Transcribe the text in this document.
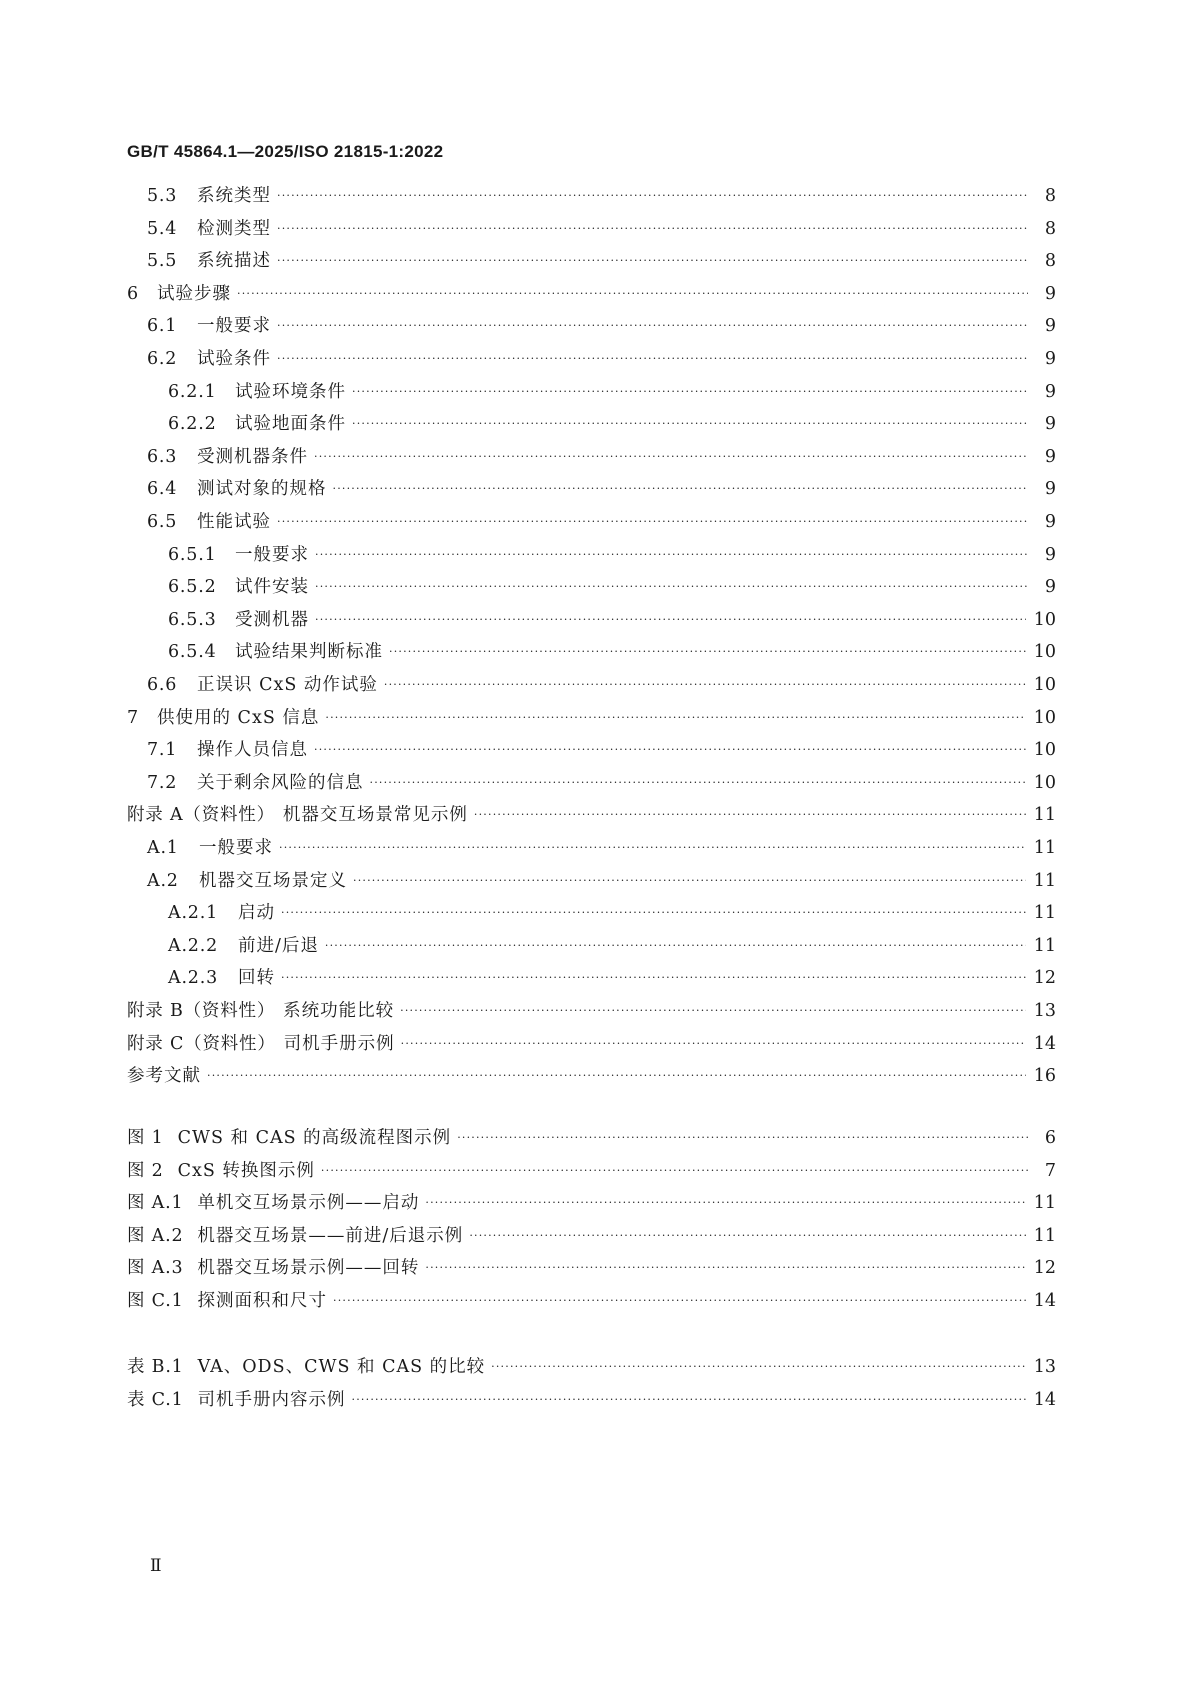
GB/T 45864.1—2025/ISO 21815-1:2022
5.3	系统类型 ·····	8
5.4	检测类型 ·····	8
5.5	系统描述 ·····	8
6	试验步骤 ·····	9
6.1	一般要求 ·····	9
6.2	试验条件 ·····	9
6.2.1	试验环境条件 ·····	9
6.2.2	试验地面条件 ·····	9
6.3	受测机器条件 ·····	9
6.4	测试对象的规格 ·····	9
6.5	性能试验 ·····	9
6.5.1	一般要求 ·····	9
6.5.2	试件安装 ·····	9
6.5.3	受测机器 ·····	10
6.5.4	试验结果判断标准 ·····	10
6.6	正误识 CxS 动作试验 ·····	10
7	供使用的 CxS 信息 ·····	10
7.1	操作人员信息 ·····	10
7.2	关于剩余风险的信息 ·····	10
附录 A（资料性） 机器交互场景常见示例 ·····	11
A.1	一般要求 ·····	11
A.2	机器交互场景定义 ·····	11
A.2.1	启动 ·····	11
A.2.2	前进/后退 ·····	11
A.2.3	回转 ·····	12
附录 B（资料性） 系统功能比较 ·····	13
附录 C（资料性） 司机手册示例 ·····	14
参考文献 ·····	16
图 1 CWS 和 CAS 的高级流程图示例 ·····	6
图 2 CxS 转换图示例 ·····	7
图 A.1 单机交互场景示例——启动 ·····	11
图 A.2 机器交互场景——前进/后退示例 ·····	11
图 A.3 机器交互场景示例——回转 ·····	12
图 C.1 探测面积和尺寸 ·····	14
表 B.1 VA、ODS、CWS 和 CAS 的比较 ·····	13
表 C.1 司机手册内容示例 ·····	14
Ⅱ
